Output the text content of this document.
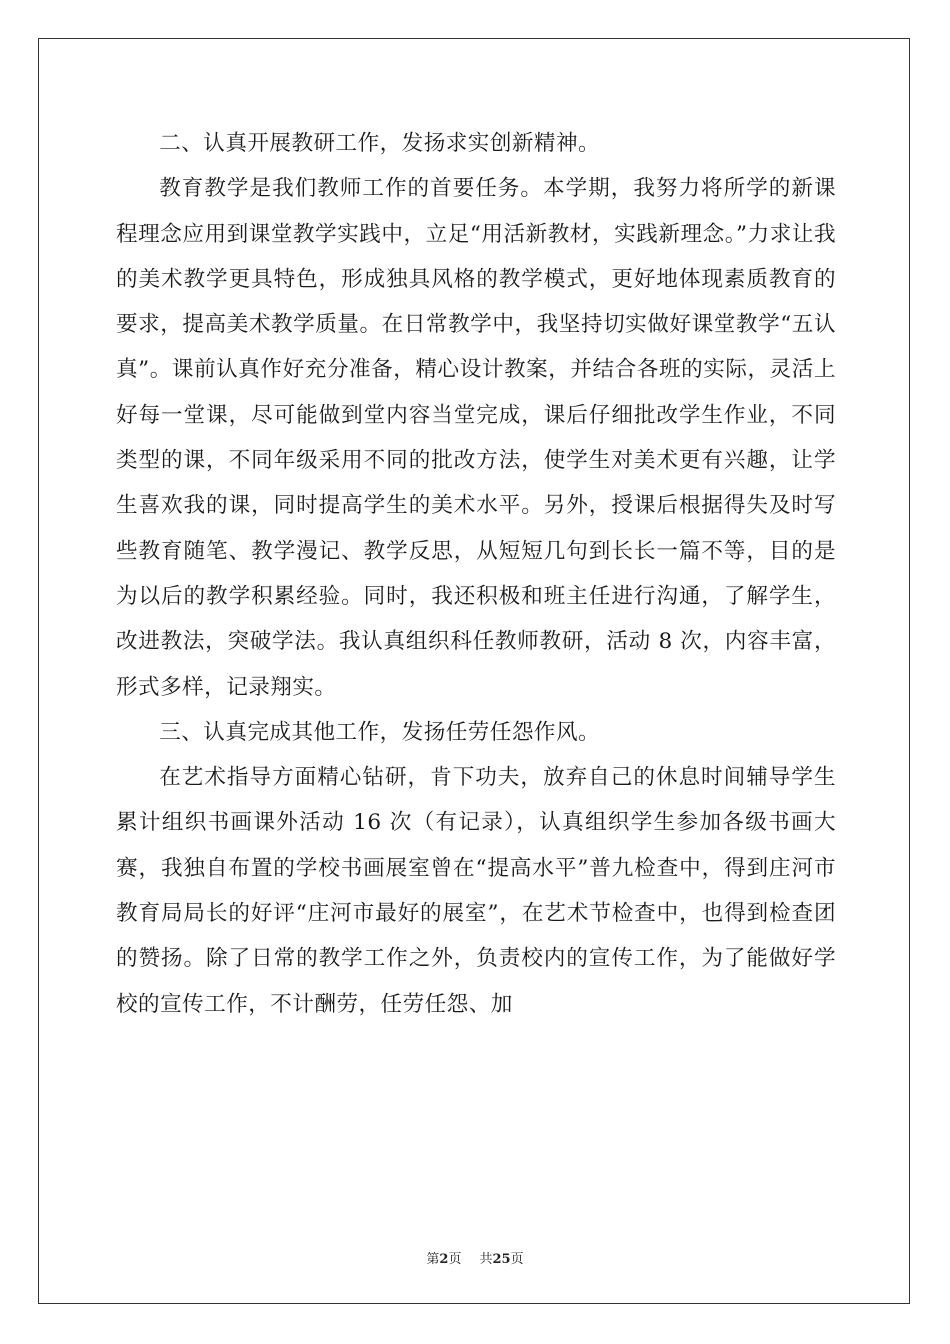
二、认真开展教研工作，发扬求实创新精神。

教育教学是我们教师工作的首要任务。本学期，我努力将所学的新课程理念应用到课堂教学实践中，立足“用活新教材，实践新理念。”力求让我的美术教学更具特色，形成独具风格的教学模式，更好地体现素质教育的要求，提高美术教学质量。在日常教学中，我坚持切实做好课堂教学“五认真”。课前认真作好充分准备，精心设计教案，并结合各班的实际，灵活上好每一堂课，尽可能做到堂内容当堂完成，课后仔细批改学生作业，不同类型的课，不同年级采用不同的批改方法，使学生对美术更有兴趣，让学生喜欢我的课，同时提高学生的美术水平。另外，授课后根据得失及时写些教育随笔、教学漫记、教学反思，从短短几句到长长一篇不等，目的是为以后的教学积累经验。同时，我还积极和班主任进行沟通，了解学生，改进教法，突破学法。我认真组织科任教师教研，活动 8 次，内容丰富，形式多样，记录翔实。

三、认真完成其他工作，发扬任劳任怨作风。

在艺术指导方面精心钻研，肯下功夫，放弃自己的休息时间辅导学生累计组织书画课外活动 16 次（有记录），认真组织学生参加各级书画大赛，我独自布置的学校书画展室曾在“提高水平”普九检查中，得到庄河市教育局局长的好评“庄河市最好的展室”，在艺术节检查中，也得到检查团的赞扬。除了日常的教学工作之外，负责校内的宣传工作，为了能做好学校的宣传工作，不计酬劳，任劳任怨、加

第2页 共25页
